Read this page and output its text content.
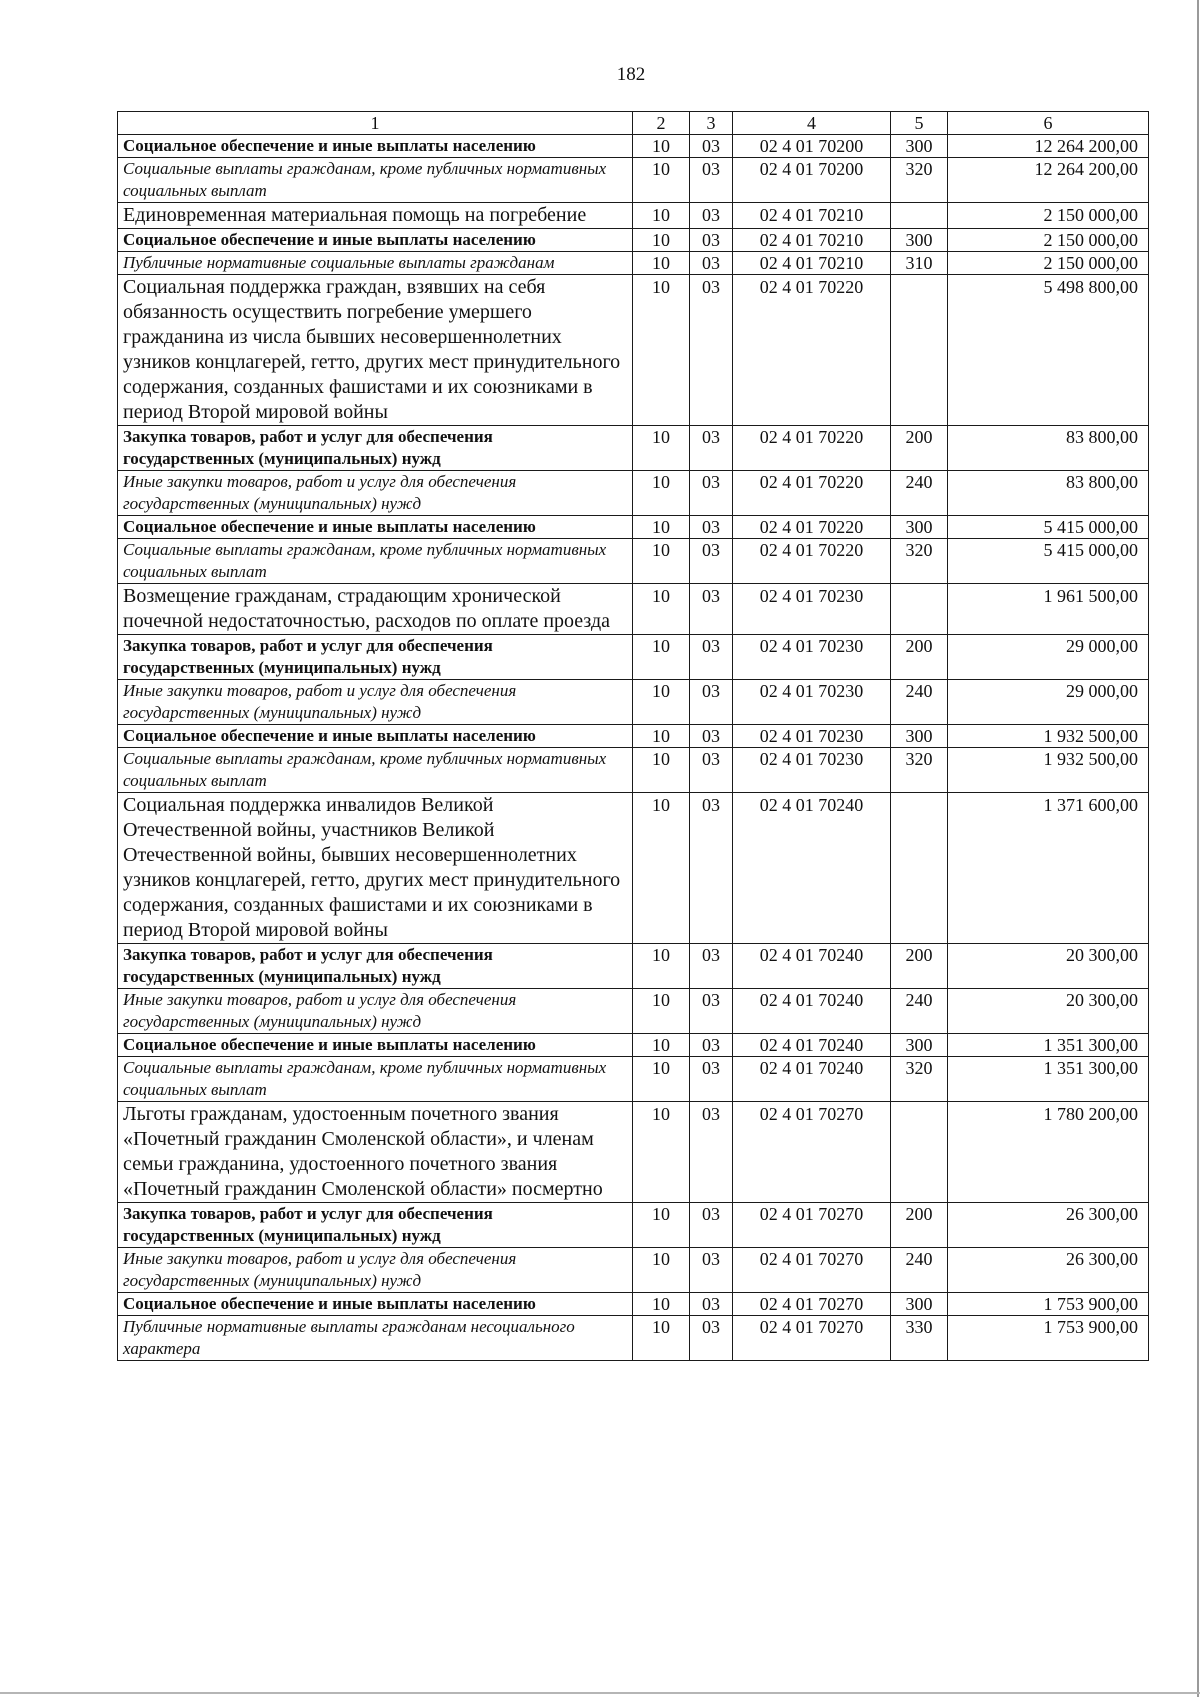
182
1	2	3	4	5	6
Социальное обеспечение и иные выплаты населению	10	03	02 4 01 70200	300	12 264 200,00
Социальные выплаты гражданам, кроме публичных нормативных социальных выплат	10	03	02 4 01 70200	320	12 264 200,00
Единовременная материальная помощь на погребение	10	03	02 4 01 70210		2 150 000,00
Социальное обеспечение и иные выплаты населению	10	03	02 4 01 70210	300	2 150 000,00
Публичные нормативные социальные выплаты гражданам	10	03	02 4 01 70210	310	2 150 000,00
Социальная поддержка граждан, взявших на себя обязанность осуществить погребение умершего гражданина из числа бывших несовершеннолетних узников концлагерей, гетто, других мест принудительного содержания, созданных фашистами и их союзниками в период Второй мировой войны	10	03	02 4 01 70220		5 498 800,00
Закупка товаров, работ и услуг для обеспечения государственных (муниципальных) нужд	10	03	02 4 01 70220	200	83 800,00
Иные закупки товаров, работ и услуг для обеспечения государственных (муниципальных) нужд	10	03	02 4 01 70220	240	83 800,00
Социальное обеспечение и иные выплаты населению	10	03	02 4 01 70220	300	5 415 000,00
Социальные выплаты гражданам, кроме публичных нормативных социальных выплат	10	03	02 4 01 70220	320	5 415 000,00
Возмещение гражданам, страдающим хронической почечной недостаточностью, расходов по оплате проезда	10	03	02 4 01 70230		1 961 500,00
Закупка товаров, работ и услуг для обеспечения государственных (муниципальных) нужд	10	03	02 4 01 70230	200	29 000,00
Иные закупки товаров, работ и услуг для обеспечения государственных (муниципальных) нужд	10	03	02 4 01 70230	240	29 000,00
Социальное обеспечение и иные выплаты населению	10	03	02 4 01 70230	300	1 932 500,00
Социальные выплаты гражданам, кроме публичных нормативных социальных выплат	10	03	02 4 01 70230	320	1 932 500,00
Социальная поддержка инвалидов Великой Отечественной войны, участников Великой Отечественной войны, бывших несовершеннолетних узников концлагерей, гетто, других мест принудительного содержания, созданных фашистами и их союзниками в период Второй мировой войны	10	03	02 4 01 70240		1 371 600,00
Закупка товаров, работ и услуг для обеспечения государственных (муниципальных) нужд	10	03	02 4 01 70240	200	20 300,00
Иные закупки товаров, работ и услуг для обеспечения государственных (муниципальных) нужд	10	03	02 4 01 70240	240	20 300,00
Социальное обеспечение и иные выплаты населению	10	03	02 4 01 70240	300	1 351 300,00
Социальные выплаты гражданам, кроме публичных нормативных социальных выплат	10	03	02 4 01 70240	320	1 351 300,00
Льготы гражданам, удостоенным почетного звания «Почетный гражданин Смоленской области», и членам семьи гражданина, удостоенного почетного звания «Почетный гражданин Смоленской области» посмертно	10	03	02 4 01 70270		1 780 200,00
Закупка товаров, работ и услуг для обеспечения государственных (муниципальных) нужд	10	03	02 4 01 70270	200	26 300,00
Иные закупки товаров, работ и услуг для обеспечения государственных (муниципальных) нужд	10	03	02 4 01 70270	240	26 300,00
Социальное обеспечение и иные выплаты населению	10	03	02 4 01 70270	300	1 753 900,00
Публичные нормативные выплаты гражданам несоциального характера	10	03	02 4 01 70270	330	1 753 900,00
